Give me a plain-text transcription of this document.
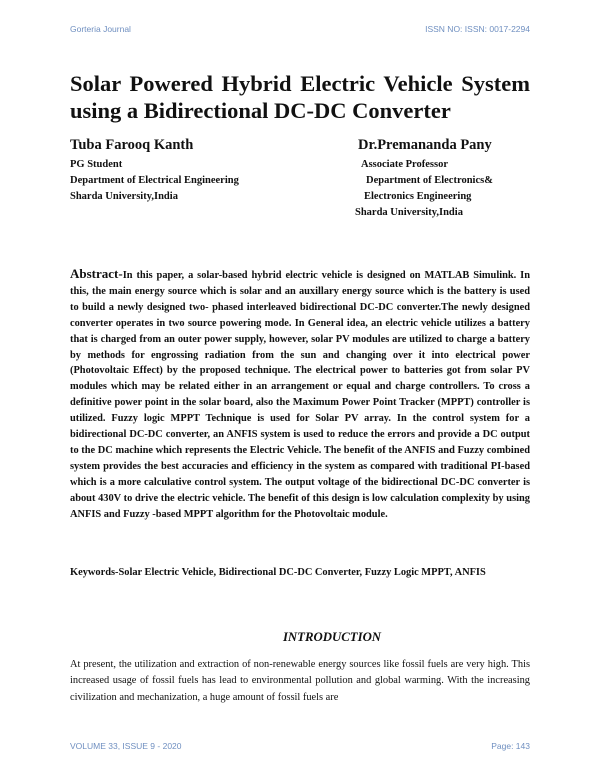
Gorteria Journal	ISSN NO: ISSN: 0017-2294
Solar Powered Hybrid Electric Vehicle System using a Bidirectional DC-DC Converter
Tuba Farooq Kanth
PG Student
Department of Electrical Engineering
Sharda University,India
Dr.Premananda Pany
Associate Professor
Department of Electronics&
Electronics Engineering
Sharda University,India

Abstract-In this paper, a solar-based hybrid electric vehicle is designed on MATLAB Simulink. In this, the main energy source which is solar and an auxillary energy source which is the battery is used to build a newly designed two- phased interleaved bidirectional DC-DC converter.The newly designed converter operates in two source powering mode. In General idea, an electric vehicle utilizes a battery that is charged from an outer power supply, however, solar PV modules are utilized to charge a battery by methods for engrossing radiation from the sun and changing over it into electrical power (Photovoltaic Effect) by the proposed technique. The electrical power to batteries got from solar PV modules which may be related either in an arrangement or equal and charge controllers. To cross a definitive power point in the solar board, also the Maximum Power Point Tracker (MPPT) controller is utilized. Fuzzy logic MPPT Technique is used for Solar PV array. In the control system for a bidirectional DC-DC converter, an ANFIS system is used to reduce the errors and provide a DC output to the DC machine which represents the Electric Vehicle. The benefit of the ANFIS and Fuzzy combined system provides the best accuracies and efficiency in the system as compared with traditional PI-based which is a more calculative control system. The output voltage of the bidirectional DC-DC converter is about 430V to drive the electric vehicle. The benefit of this design is low calculation complexity by using ANFIS and Fuzzy -based MPPT algorithm for the Photovoltaic module.

Keywords-Solar Electric Vehicle, Bidirectional DC-DC Converter, Fuzzy Logic MPPT, ANFIS

INTRODUCTION

At present, the utilization and extraction of non-renewable energy sources like fossil fuels are very high. This increased usage of fossil fuels has lead to environmental pollution and global warming. With the increasing civilization and mechanization, a huge amount of fossil fuels are

VOLUME 33, ISSUE 9 - 2020	Page: 143
